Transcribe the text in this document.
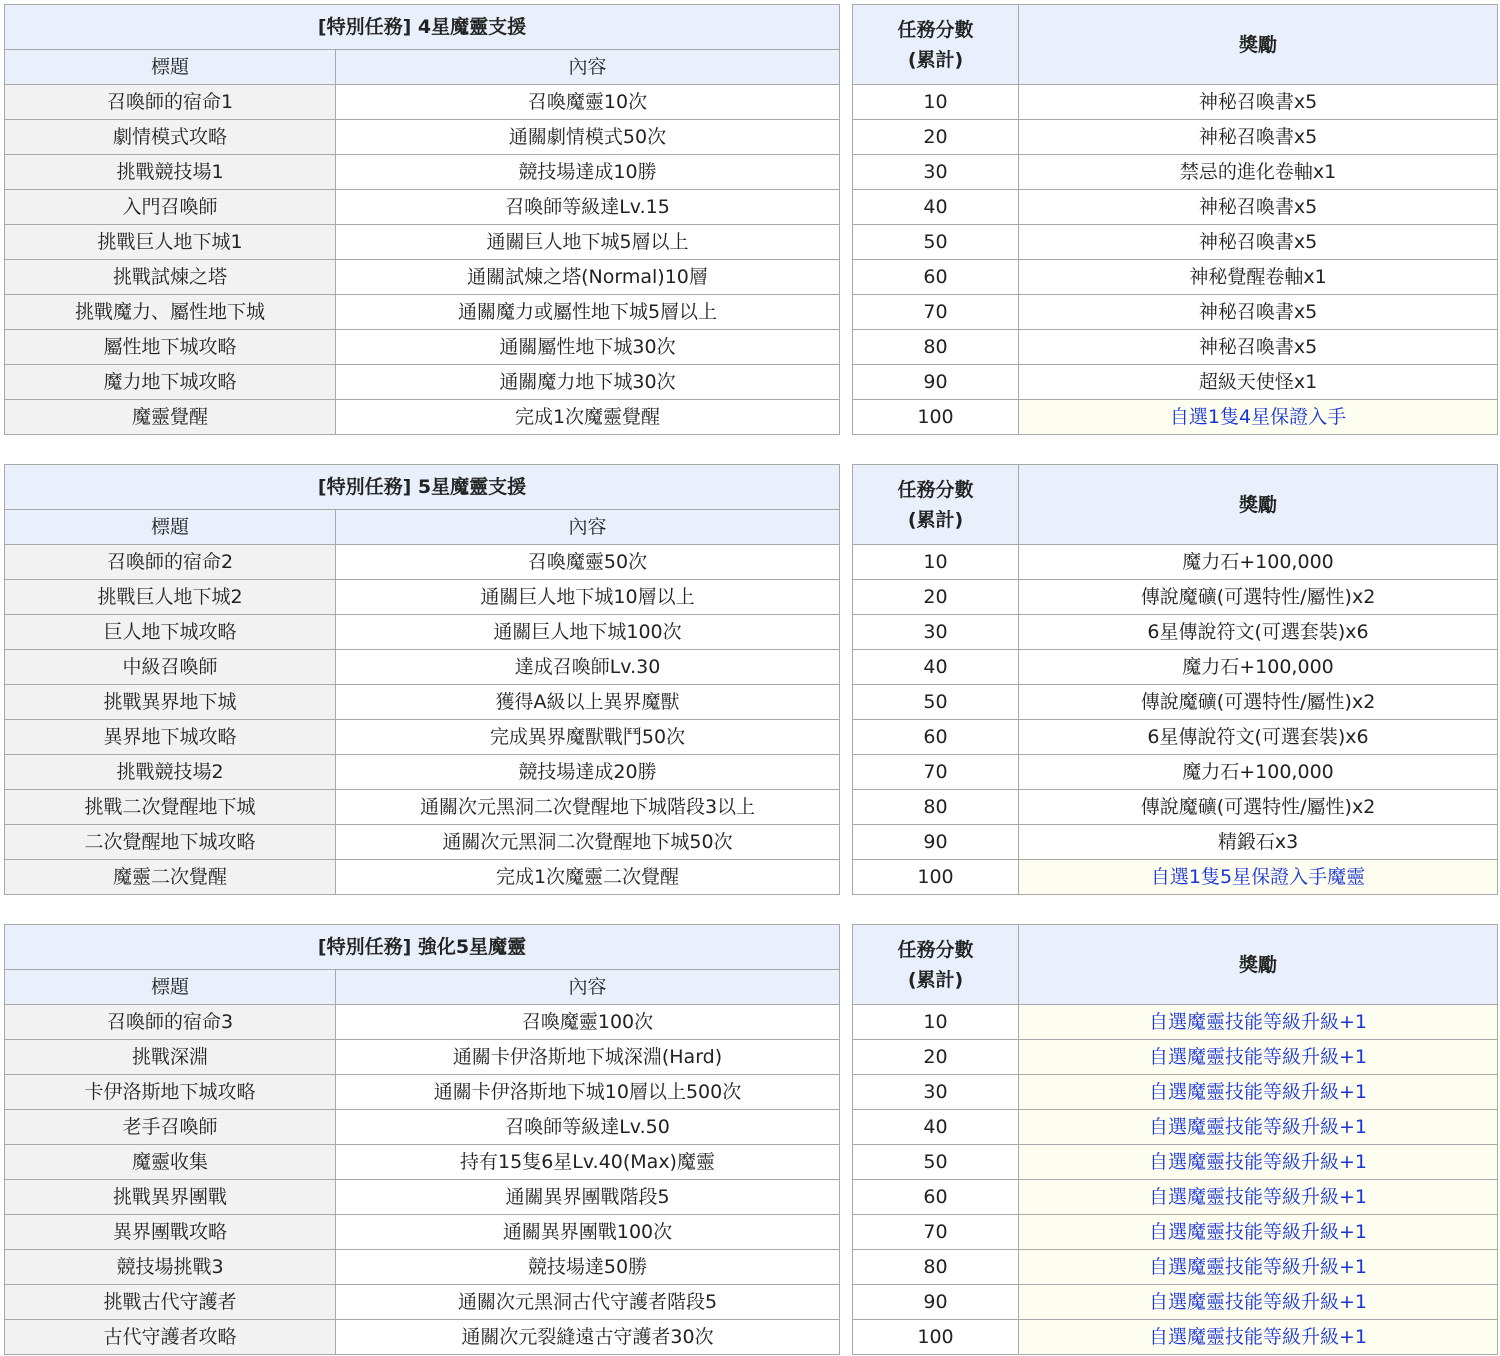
[特別任務] 4星魔靈支援	
標題	內容
召喚師的宿命1	召喚魔靈10次
劇情模式攻略	通關劇情模式50次
挑戰競技場1	競技場達成10勝
入門召喚師	召喚師等級達Lv.15
挑戰巨人地下城1	通關巨人地下城5層以上
挑戰試煉之塔	通關試煉之塔(Normal)10層
挑戰魔力、屬性地下城	通關魔力或屬性地下城5層以上
屬性地下城攻略	通關屬性地下城30次
魔力地下城攻略	通關魔力地下城30次
魔靈覺醒	完成1次魔靈覺醒
任務分數
(累計)	獎勵
10	神秘召喚書x5
20	神秘召喚書x5
30	禁忌的進化卷軸x1
40	神秘召喚書x5
50	神秘召喚書x5
60	神秘覺醒卷軸x1
70	神秘召喚書x5
80	神秘召喚書x5
90	超級天使怪x1
100	自選1隻4星保證入手
[特別任務] 5星魔靈支援	
標題	內容
召喚師的宿命2	召喚魔靈50次
挑戰巨人地下城2	通關巨人地下城10層以上
巨人地下城攻略	通關巨人地下城100次
中級召喚師	達成召喚師Lv.30
挑戰異界地下城	獲得A級以上異界魔獸
異界地下城攻略	完成異界魔獸戰鬥50次
挑戰競技場2	競技場達成20勝
挑戰二次覺醒地下城	通關次元黑洞二次覺醒地下城階段3以上
二次覺醒地下城攻略	通關次元黑洞二次覺醒地下城50次
魔靈二次覺醒	完成1次魔靈二次覺醒
任務分數
(累計)	獎勵
10	魔力石+100,000
20	傳說魔礦(可選特性/屬性)x2
30	6星傳說符文(可選套裝)x6
40	魔力石+100,000
50	傳說魔礦(可選特性/屬性)x2
60	6星傳說符文(可選套裝)x6
70	魔力石+100,000
80	傳說魔礦(可選特性/屬性)x2
90	精鍛石x3
100	自選1隻5星保證入手魔靈
[特別任務] 強化5星魔靈	
標題	內容
召喚師的宿命3	召喚魔靈100次
挑戰深淵	通關卡伊洛斯地下城深淵(Hard)
卡伊洛斯地下城攻略	通關卡伊洛斯地下城10層以上500次
老手召喚師	召喚師等級達Lv.50
魔靈收集	持有15隻6星Lv.40(Max)魔靈
挑戰異界團戰	通關異界團戰階段5
異界團戰攻略	通關異界團戰100次
競技場挑戰3	競技場達50勝
挑戰古代守護者	通關次元黑洞古代守護者階段5
古代守護者攻略	通關次元裂縫遠古守護者30次
任務分數
(累計)	獎勵
10	自選魔靈技能等級升級+1
20	自選魔靈技能等級升級+1
30	自選魔靈技能等級升級+1
40	自選魔靈技能等級升級+1
50	自選魔靈技能等級升級+1
60	自選魔靈技能等級升級+1
70	自選魔靈技能等級升級+1
80	自選魔靈技能等級升級+1
90	自選魔靈技能等級升級+1
100	自選魔靈技能等級升級+1
